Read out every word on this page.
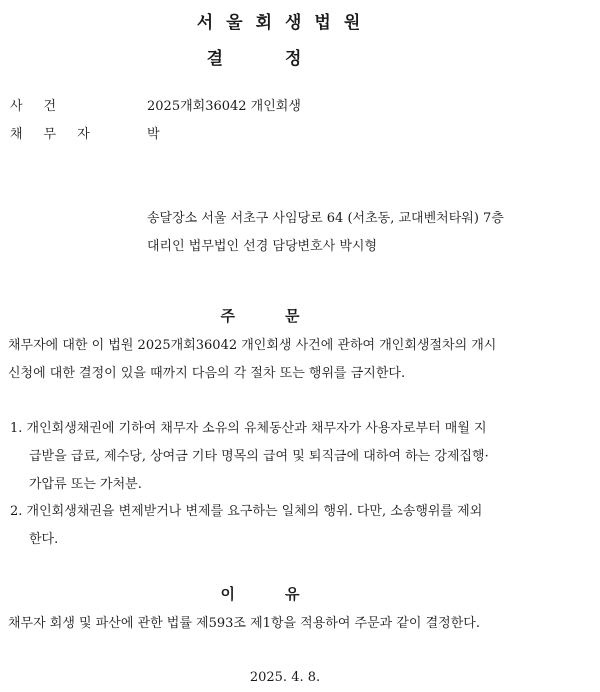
서울회생법원
결정
사건	2025개회36042 개인회생
채무자	박
송달장소 서울 서초구 사임당로 64 (서초동, 교대벤처타워) 7층
대리인 법무법인 선경 담당변호사 박시형
주문
채무자에 대한 이 법원 2025개회36042 개인회생 사건에 관하여 개인회생절차의 개시
신청에 대한 결정이 있을 때까지 다음의 각 절차 또는 행위를 금지한다.
1. 개인회생채권에 기하여 채무자 소유의 유체동산과 채무자가 사용자로부터 매월 지
급받을 급료, 제수당, 상여금 기타 명목의 급여 및 퇴직금에 대하여 하는 강제집행·
가압류 또는 가처분.
2. 개인회생채권을 변제받거나 변제를 요구하는 일체의 행위. 다만, 소송행위를 제외
한다.
이유
채무자 회생 및 파산에 관한 법률 제593조 제1항을 적용하여 주문과 같이 결정한다.
2025. 4. 8.
